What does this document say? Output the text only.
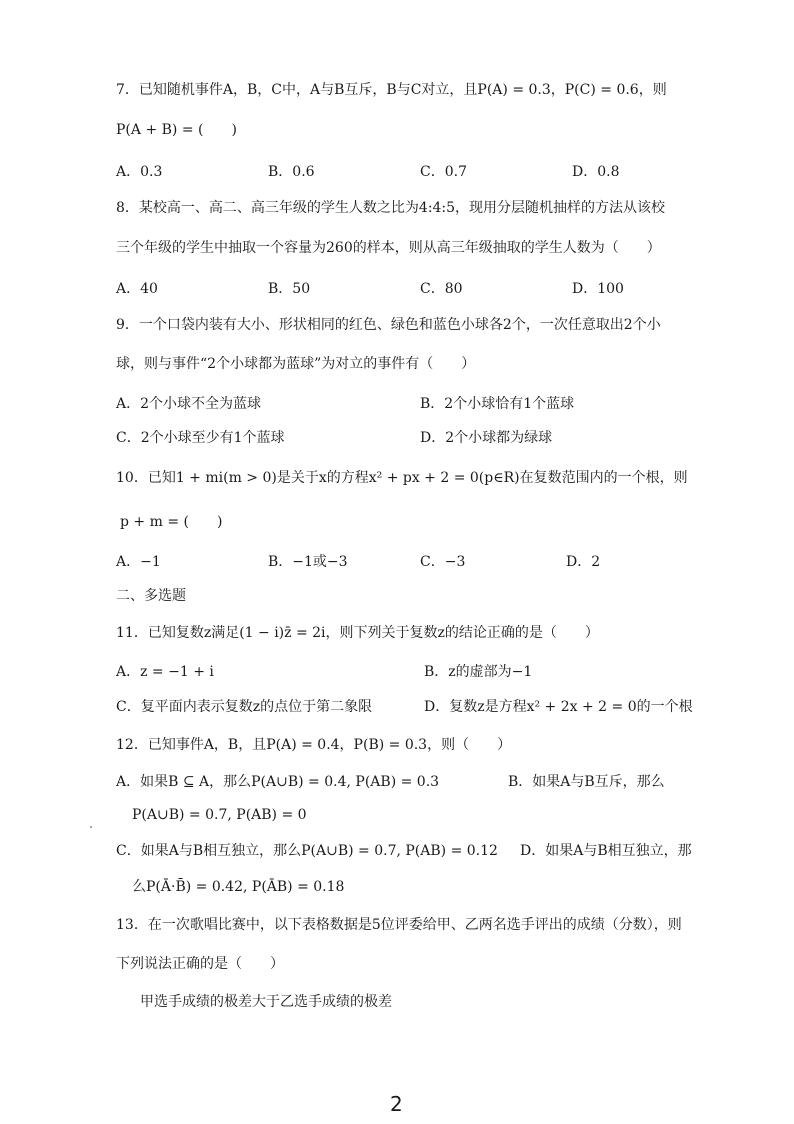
7．已知随机事件A，B，C中，A与B互斥，B与C对立，且P(A) = 0.3，P(C) = 0.6，则
P(A + B) = (　　)
A．0.3	B．0.6	C．0.7	D．0.8
8．某校高一、高二、高三年级的学生人数之比为4:4:5，现用分层随机抽样的方法从该校
三个年级的学生中抽取一个容量为260的样本，则从高三年级抽取的学生人数为（　　）
A．40	B．50	C．80	D．100
9．一个口袋内装有大小、形状相同的红色、绿色和蓝色小球各2个，一次任意取出2个小
球，则与事件“2个小球都为蓝球”为对立的事件有（　　）
A．2个小球不全为蓝球	B．2个小球恰有1个蓝球
C．2个小球至少有1个蓝球	D．2个小球都为绿球
10．已知1 + mi(m > 0)是关于x的方程x² + px + 2 = 0(p∈R)在复数范围内的一个根，则
p + m = (　　)
A．−1	B．−1或−3	C．−3	D．2
二、多选题
11．已知复数z满足(1 − i)z̄ = 2i，则下列关于复数z的结论正确的是（　　）
A．z = −1 + i	B．z的虚部为−1
C．复平面内表示复数z的点位于第二象限	D．复数z是方程x² + 2x + 2 = 0的一个根
12．已知事件A，B，且P(A) = 0.4，P(B) = 0.3，则（　　）
A．如果B ⊆ A，那么P(A∪B) = 0.4, P(AB) = 0.3	B．如果A与B互斥，那么
P(A∪B) = 0.7, P(AB) = 0
C．如果A与B相互独立，那么P(A∪B) = 0.7, P(AB) = 0.12 D．如果A与B相互独立，那
么P(Ā·B̄) = 0.42, P(ĀB) = 0.18
13．在一次歌唱比赛中，以下表格数据是5位评委给甲、乙两名选手评出的成绩（分数），则
下列说法正确的是（　　）
甲选手成绩的极差大于乙选手成绩的极差
2
